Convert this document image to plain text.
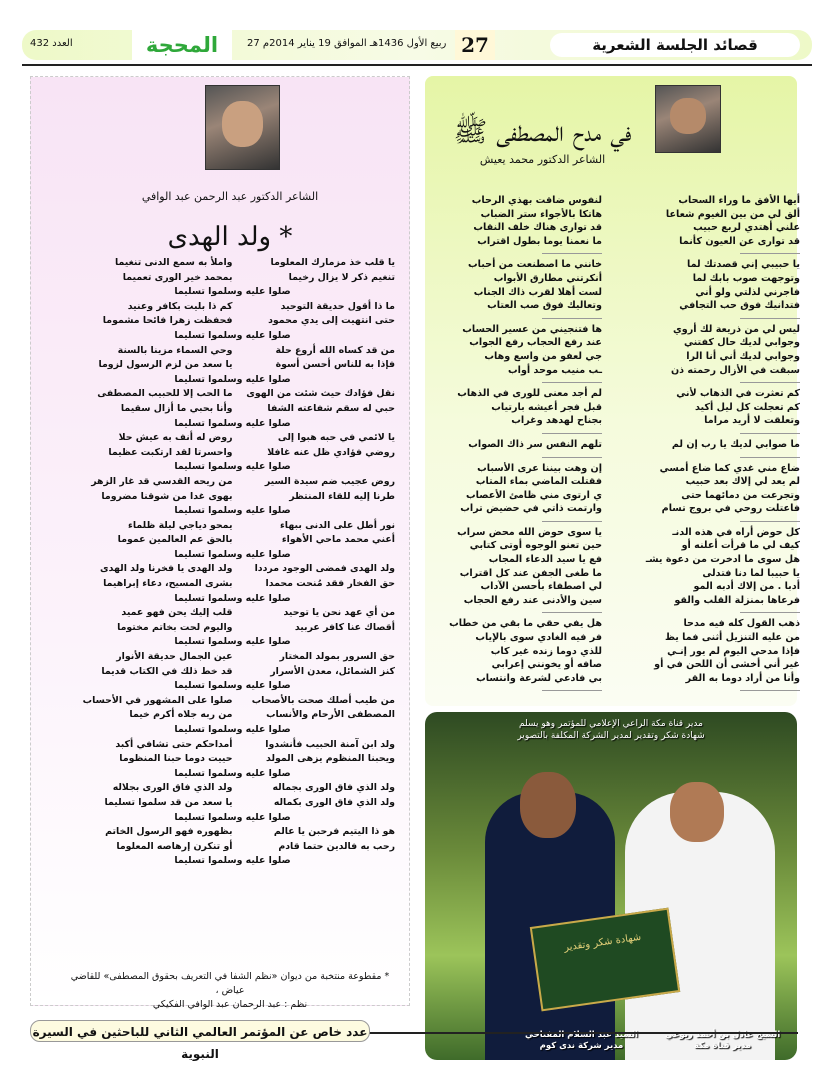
قصائد الجلسة الشعرية
27
27 ربيع الأول 1436هـ الموافق 19 يناير 2014م
المحجة
العدد 432
في مدح المصطفى ﷺ
الشاعر الدكتور محمد يعيش
أيها الأفق ما وراء السحاب
ألق لي من بين الغيوم شعاعا
علني أهتدي لربع حبيب
قد توارى عن العيون كأنما
يا حبيبي إني قصدتك لما
وتوجهت صوب بابك لما
فاجرني لذلتي ولو أني
فتدانيك فوق حب التجافي
ليس لي من ذريعة لك أروي
وجوابي لديك حال كفتني
وجوابي لديك أني أنا الرا
سبقت في الأزال رحمته ذن
كم تعثرت في الذهاب لأني
كم تعجلت كل ليل أكيد
وتعلقت لا أريد مراما
ما صوابي لديك يا رب إن لم
ضاع مني غدي كما ضاع أمسي
لم يعد لي إلاك بعد حبيب
وتجرعت من دمائهما حتى
فاعتلت روحي في بروج تسام
كل حوض أراه في هذه الدنـ
كيف لي ما قرأت أعلنه أو
هل سوى ما ادخرت من دعوة يشـ
يا حبيبا لما دنا فتدلى
أدبا . من إلاك أدبه المو
فرعاها بمنزلة القلب والقو
ذهب القول كله فيه مدحا
من عليه التنزيل أثنى فما يظ
فإذا مدحي اليوم لم يور إنـي
غير أني أخشى أن اللحن في أو
وأنا من أراد دوما به القر
لنفوس ضاقت بهذي الرحاب
هاتكا بالأجواء ستر الضباب
قد توارى هناك خلف النقاب
ما نعمنا يوما بطول اقتراب
خانني ما اصطنعت من أحباب
أنكرتني مطارق الأبواب
لست أهلا لقرب ذاك الجناب
وتعاليك فوق صب العتاب
ها فتنجيني من عسير الحساب
عند رفع الحجاب رفع الجواب
جي لعفو من واسع وهاب
ـب منيب موحد أواب
لم أجد معنى للورى في الذهاب
قبل فجر أعيشه بارتياب
بجناح لهدهد وغراب
تلهم النفس سر ذاك الصواب
إن وهت بيننا عرى الأسباب
فقتلت الماضي بماء المتاب
ي ارتوى مني ظامئ الأعصاب
وارتمت ذاتي في حضيض تراب
يا سوى حوض الله محض سراب
حين تعنو الوجوه أوتى كتابي
فع يا سيد الدعاء المجاب
ما طغى الجفن عند كل اقتراب
لي اصطفاء بأحسن الآداب
سين والأدنى عند رفع الحجاب
هل يفي حقي ما بقي من خطاب
فر فيه الغادي سوى بالإياب
للذي دوما زنده غير كاب
صافه أو يخونني إعرابي
بي فادعي لشرعة وانتساب
الشاعر الدكتور عبد الرحمن عبد الوافي
ولد الهدى *
يا قلب خذ مزمارك المعلوما
واملأ به سمع الدنى تنغيما
تنغيم ذكر لا يزال رخيما
بمحمد خير الورى تعميما
صلوا عليه وسلموا تسليما
ما ذا أقول حديقة التوحيد
كم ذا بليت بكافر وعنيد
حتى انتهيت إلى يدي محمود
فحفظت زهرا فائحا مشموما
صلوا عليه وسلموا تسليما
من قد كساه الله أروع حلة
وحي السماء مزينا بالسنة
فإذا به للناس أحسن أسوة
يا سعد من لزم الرسول لزوما
صلوا عليه وسلموا تسليما
نقل فؤادك حيث شئت من الهوى
ما الحب إلا للحبيب المصطفى
حبي له سقم شفاعته الشفا
وأنا بحبي ما أزال سقيما
صلوا عليه وسلموا تسليما
يا لائمي في حبه هبوا إلى
روض له أنف به عيش حلا
روضي فؤادي ظل عنه غافلا
واحسرتا لقد ارتكبت عظيما
صلوا عليه وسلموا تسليما
روض عجيب ضم سيدة السير
من ريحه القدسي قد غار الزهر
طرنا إليه للقاء المنتظر
بهوى غدا من شوقنا مضروما
صلوا عليه وسلموا تسليما
نور أطل على الدنى ببهاء
يمحو دياجي ليلة ظلماء
أعني محمد ماحي الأهواء
بالحق عم العالمين عموما
صلوا عليه وسلموا تسليما
ولد الهدى فمضى الوجود مرددا
ولد الهدى يا فخرنا ولد الهدى
حق الفخار فقد مُنحت محمدا
بشرى المسيح، دعاء إبراهيما
صلوا عليه وسلموا تسليما
من أي عهد نحن يا توحيد
قلب إليك يحن فهو عميد
أقصاك عنا كافر عربيد
واليوم لحت بخاتم مختوما
صلوا عليه وسلموا تسليما
حق السرور بمولد المختار
عين الجمال حديقة الأنوار
كنز الشمائل، معدن الأسرار
قد خط ذلك في الكتاب قديما
صلوا عليه وسلموا تسليما
من طيب أصلك صحت بالأصحاب
صلوا على المشهور في الأحساب
المصطفى الأرحام والأنساب
من ربه جلاه أكرم خيما
صلوا عليه وسلموا تسليما
ولد ابن آمنة الحبيب فأنشدوا
أمداحكم حتى تشافي أكبد
ويحبنا المنظوم يزهى المولد
حييت دوما حبنا المنظوما
صلوا عليه وسلموا تسليما
ولد الذي فاق الورى بجماله
ولد الذي فاق الورى بجلاله
ولد الذي فاق الورى بكماله
يا سعد من قد سلموا تسليما
صلوا عليه وسلموا تسليما
هو ذا اليتيم فرحبن يا عالم
بظهوره فهو الرسول الخاتم
رحب به فالدين حتما قادم
أو تنكرن إرهاصه المعلوما
صلوا عليه وسلموا تسليما
* مقطوعة منتخبة من ديوان «نظم الشفا في التعريف بحقوق المصطفى» للقاضي عياض ،
نظم : عبد الرحمان عبد الوافي الفكيكي
مدير قناة مكة الراعي الإعلامي للمؤتمر وهو يسلم
شهادة شكر وتقدير لمدير الشركة المكلفة بالتصوير
شهادة شكر وتقدير
السيد عبد السلام المفتاحي
مدير شركة ندى كوم
الشيخ عادل بن أحمد ريوعي
مدير قناة مكة
عدد خاص عن المؤتمر العالمي الثاني للباحثين في السيرة النبوية
